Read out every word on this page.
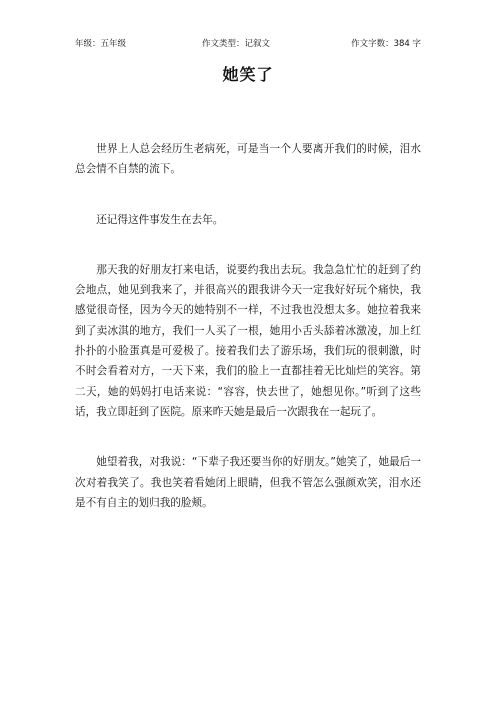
年级：五年级	作文类型：记叙文	作文字数：384 字
她笑了

世界上人总会经历生老病死，可是当一个人要离开我们的时候，泪水总会情不自禁的流下。

还记得这件事发生在去年。

那天我的好朋友打来电话，说要约我出去玩。我急急忙忙的赶到了约会地点，她见到我来了，并很高兴的跟我讲今天一定我好好玩个痛快，我感觉很奇怪，因为今天的她特别不一样，不过我也没想太多。她拉着我来到了卖冰淇的地方，我们一人买了一根，她用小舌头舔着冰激凌，加上红扑扑的小脸蛋真是可爱极了。接着我们去了游乐场，我们玩的很刺激，时不时会看着对方，一天下来，我们的脸上一直都挂着无比灿烂的笑容。第二天，她的妈妈打电话来说：“容容，快去世了，她想见你。”听到了这些话，我立即赶到了医院。原来昨天她是最后一次跟我在一起玩了。

她望着我，对我说：“下辈子我还要当你的好朋友。”她笑了，她最后一次对着我笑了。我也笑着看她闭上眼睛，但我不管怎么强颜欢笑，泪水还是不有自主的划归我的脸颊。
